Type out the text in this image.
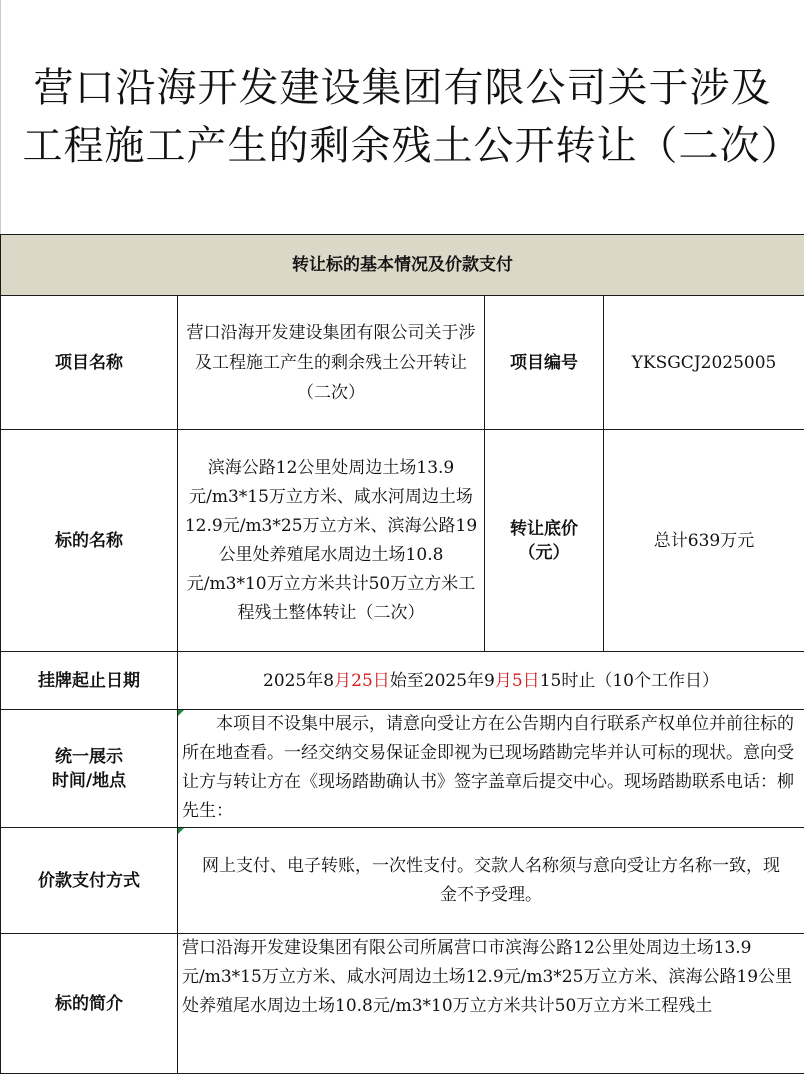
营口沿海开发建设集团有限公司关于涉及工程施工产生的剩余残土公开转让（二次）
转让标的基本情况及价款支付			
项目名称	营口沿海开发建设集团有限公司关于涉及工程施工产生的剩余残土公开转让（二次）	项目编号	YKSGCJ2025005
标的名称	滨海公路12公里处周边土场13.9元/m3*15万立方米、咸水河周边土场12.9元/m3*25万立方米、滨海公路19公里处养殖尾水周边土场10.8元/m3*10万立方米共计50万立方米工程残土整体转让（二次）	转让底价（元）	总计639万元
挂牌起止日期	2025年8月25日始至2025年9月5日15时止（10个工作日）		

统一展示
时间/地点	本项目不设集中展示，请意向受让方在公告期内自行联系产权单位并前往标的所在地查看。一经交纳交易保证金即视为已现场踏勘完毕并认可标的现状。意向受让方与转让方在《现场踏勘确认书》签字盖章后提交中心。现场踏勘联系电话：柳先生：		
价款支付方式	网上支付、电子转账，一次性支付。交款人名称须与意向受让方名称一致，现金不予受理。		
标的简介	营口沿海开发建设集团有限公司所属营口市滨海公路12公里处周边土场13.9元/m3*15万立方米、咸水河周边土场12.9元/m3*25万立方米、滨海公路19公里处养殖尾水周边土场10.8元/m3*10万立方米共计50万立方米工程残土		
